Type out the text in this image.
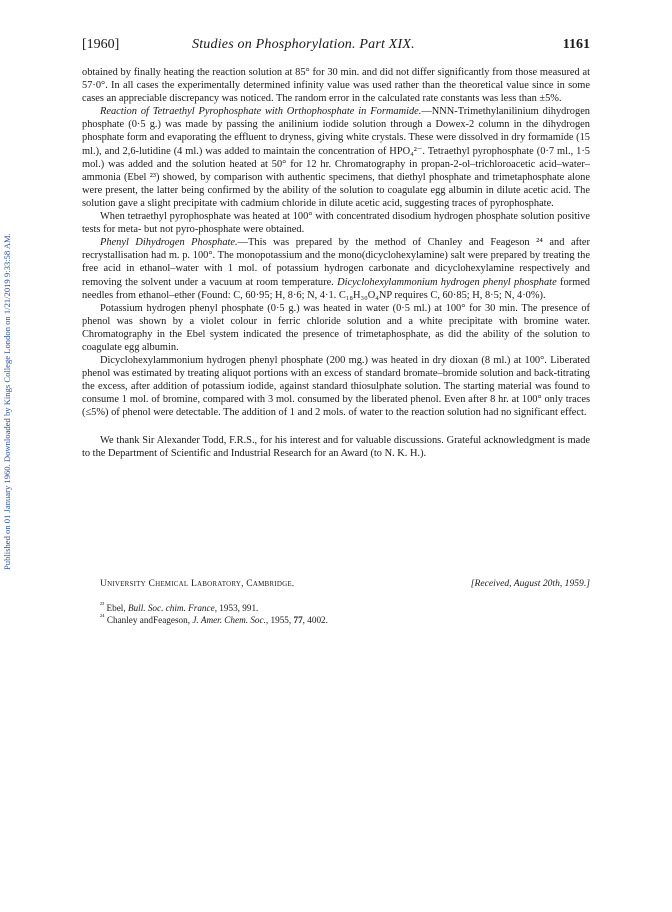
Published on 01 January 1960. Downloaded by Kings College London on 1/21/2019 9:33:58 AM.
[1960]	Studies on Phosphorylation. Part XIX.	1161

obtained by finally heating the reaction solution at 85° for 30 min. and did not differ significantly from those measured at 57·0°. In all cases the experimentally determined infinity value was used rather than the theoretical value since in some cases an appreciable discrepancy was noticed. The random error in the calculated rate constants was less than ±5%.

Reaction of Tetraethyl Pyrophosphate with Orthophosphate in Formamide.—NNN-Trimethylanilinium dihydrogen phosphate (0·5 g.) was made by passing the anilinium iodide solution through a Dowex-2 column in the dihydrogen phosphate form and evaporating the effluent to dryness, giving white crystals. These were dissolved in dry formamide (15 ml.), and 2,6-lutidine (4 ml.) was added to maintain the concentration of HPO₄²⁻. Tetraethyl pyrophosphate (0·7 ml., 1·5 mol.) was added and the solution heated at 50° for 12 hr. Chromatography in propan-2-ol–trichloroacetic acid–water–ammonia (Ebel ²³) showed, by comparison with authentic specimens, that diethyl phosphate and trimetaphosphate alone were present, the latter being confirmed by the ability of the solution to coagulate egg albumin in dilute acetic acid. The solution gave a slight precipitate with cadmium chloride in dilute acetic acid, suggesting traces of pyrophosphate.

When tetraethyl pyrophosphate was heated at 100° with concentrated disodium hydrogen phosphate solution positive tests for meta- but not pyro-phosphate were obtained.

Phenyl Dihydrogen Phosphate.—This was prepared by the method of Chanley and Feageson ²⁴ and after recrystallisation had m. p. 100°. The monopotassium and the mono(dicyclohexylamine) salt were prepared by treating the free acid in ethanol–water with 1 mol. of potassium hydrogen carbonate and dicyclohexylamine respectively and removing the solvent under a vacuum at room temperature. Dicyclohexylammonium hydrogen phenyl phosphate formed needles from ethanol–ether (Found: C, 60·95; H, 8·6; N, 4·1. C₁₈H₃₀O₄NP requires C, 60·85; H, 8·5; N, 4·0%).

Potassium hydrogen phenyl phosphate (0·5 g.) was heated in water (0·5 ml.) at 100° for 30 min. The presence of phenol was shown by a violet colour in ferric chloride solution and a white precipitate with bromine water. Chromatography in the Ebel system indicated the presence of trimetaphosphate, as did the ability of the solution to coagulate egg albumin.

Dicyclohexylammonium hydrogen phenyl phosphate (200 mg.) was heated in dry dioxan (8 ml.) at 100°. Liberated phenol was estimated by treating aliquot portions with an excess of standard bromate–bromide solution and back-titrating the excess, after addition of potassium iodide, against standard thiosulphate solution. The starting material was found to consume 1 mol. of bromine, compared with 3 mol. consumed by the liberated phenol. Even after 8 hr. at 100° only traces (≤5%) of phenol were detectable. The addition of 1 and 2 mols. of water to the reaction solution had no significant effect.

We thank Sir Alexander Todd, F.R.S., for his interest and for valuable discussions. Grateful acknowledgment is made to the Department of Scientific and Industrial Research for an Award (to N. K. H.).

University Chemical Laboratory, Cambridge.	[Received, August 20th, 1959.]
$^{^{23}}$ Ebel, Bull. Soc. chim. France, 1953, 991.
$^{^{24}}$ Chanley andFeageson, J. Amer. Chem. Soc., 1955, 77, 4002.
